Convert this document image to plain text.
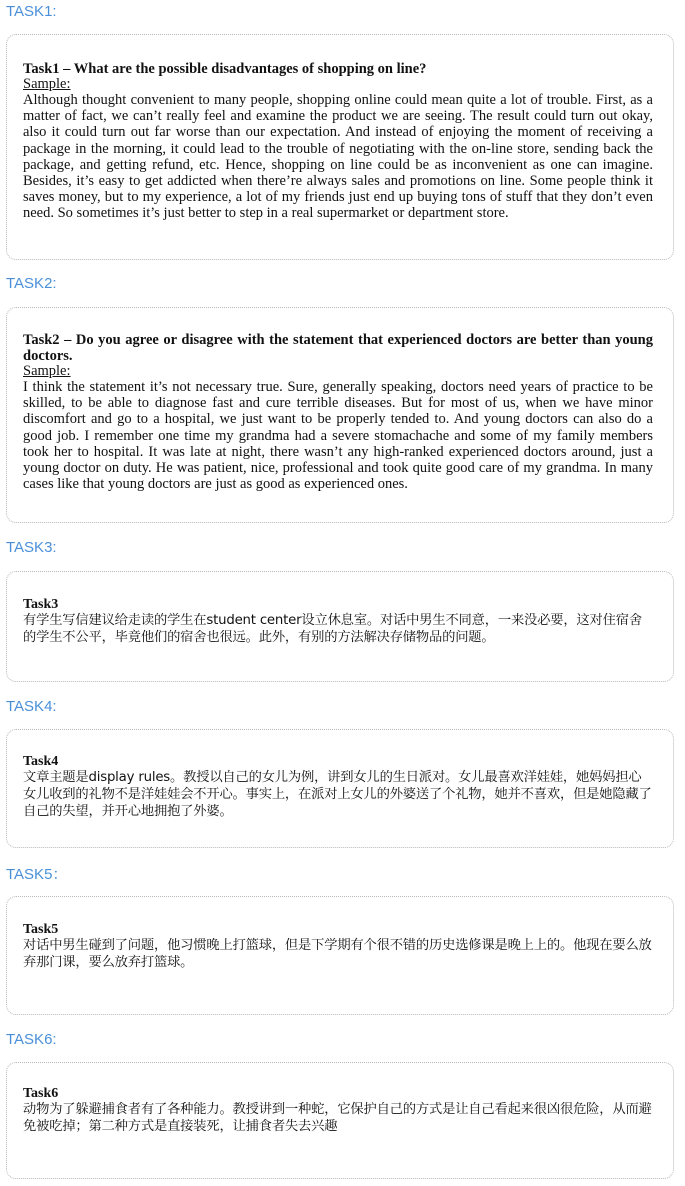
TASK1:
Task1 – What are the possible disadvantages of shopping on line?
Sample:
Although thought convenient to many people, shopping online could mean quite a lot of trouble. First, as a matter of fact, we can’t really feel and examine the product we are seeing. The result could turn out okay, also it could turn out far worse than our expectation. And instead of enjoying the moment of receiving a package in the morning, it could lead to the trouble of negotiating with the on-line store, sending back the package, and getting refund, etc. Hence, shopping on line could be as inconvenient as one can imagine. Besides, it’s easy to get addicted when there’re always sales and promotions on line. Some people think it saves money, but to my experience, a lot of my friends just end up buying tons of stuff that they don’t even need. So sometimes it’s just better to step in a real supermarket or department store.
TASK2:
Task2 – Do you agree or disagree with the statement that experienced doctors are better than young doctors.
Sample:
I think the statement it’s not necessary true. Sure, generally speaking, doctors need years of practice to be skilled, to be able to diagnose fast and cure terrible diseases. But for most of us, when we have minor discomfort and go to a hospital, we just want to be properly tended to. And young doctors can also do a good job. I remember one time my grandma had a severe stomachache and some of my family members took her to hospital. It was late at night, there wasn’t any high-ranked experienced doctors around, just a young doctor on duty. He was patient, nice, professional and took quite good care of my grandma. In many cases like that young doctors are just as good as experienced ones.
TASK3:
Task3
有学生写信建议给走读的学生在student center设立休息室。对话中男生不同意，一来没必要，这对住宿舍的学生不公平，毕竟他们的宿舍也很远。此外，有别的方法解决存储物品的问题。
TASK4:
Task4
文章主题是display rules。教授以自己的女儿为例，讲到女儿的生日派对。女儿最喜欢洋娃娃，她妈妈担心女儿收到的礼物不是洋娃娃会不开心。事实上，在派对上女儿的外婆送了个礼物，她并不喜欢，但是她隐藏了自己的失望，并开心地拥抱了外婆。
TASK5：
Task5
对话中男生碰到了问题，他习惯晚上打篮球，但是下学期有个很不错的历史选修课是晚上上的。他现在要么放弃那门课，要么放弃打篮球。
TASK6:
Task6
动物为了躲避捕食者有了各种能力。教授讲到一种蛇，它保护自己的方式是让自己看起来很凶很危险，从而避免被吃掉；第二种方式是直接装死，让捕食者失去兴趣
